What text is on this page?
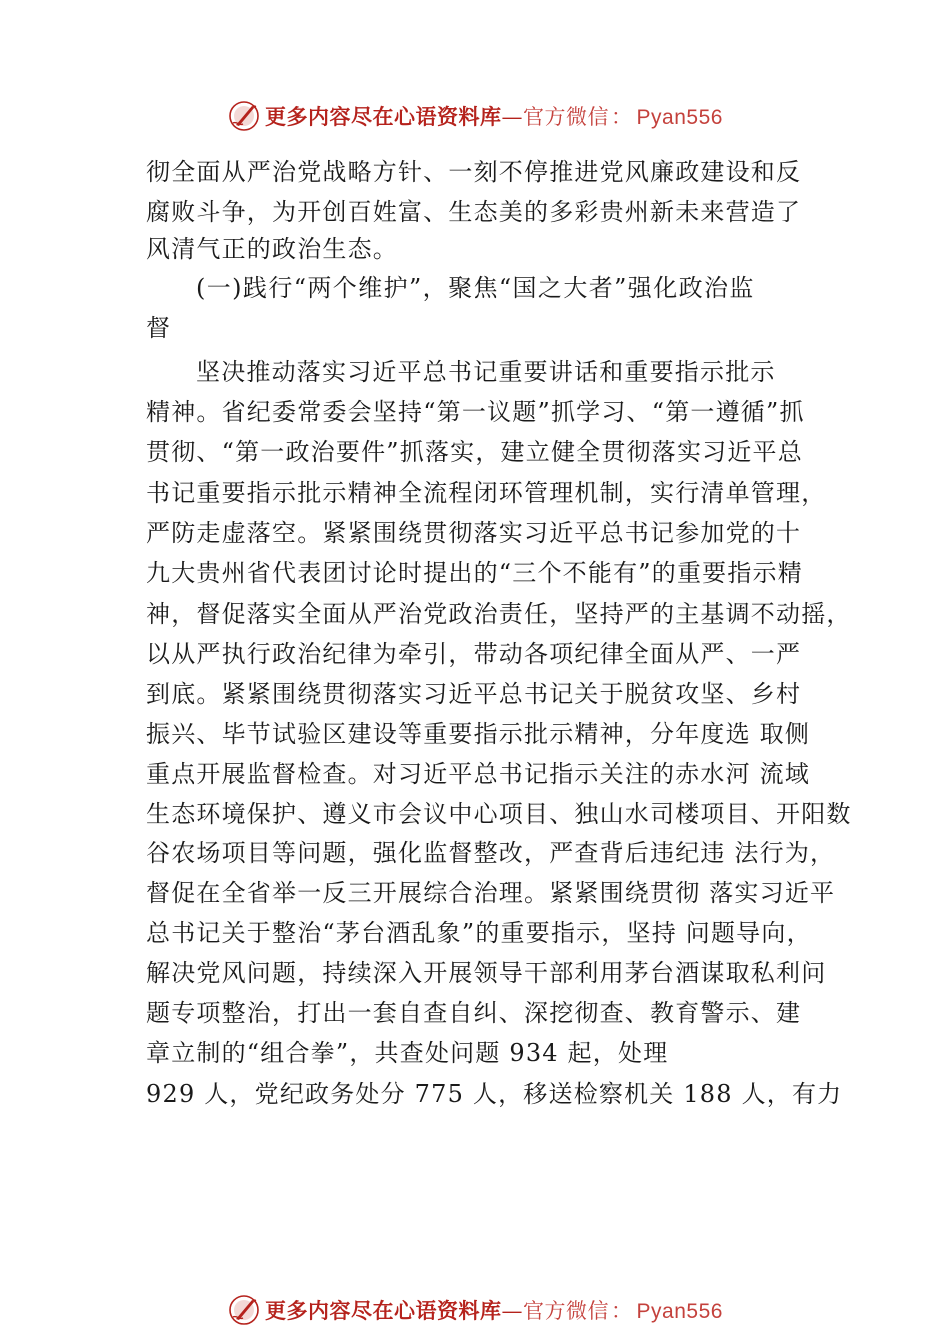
更多内容尽在心语资料库 — 官方微信 ： Pyan556
彻全面从严治党战略方针、一刻不停推进党风廉政建设和反
腐败斗争，为开创百姓富、生态美的多彩贵州新未来营造了
风清气正的政治生态。
(一)践行“两个维护”，聚焦“国之大者”强化政治监
督
坚决推动落实习近平总书记重要讲话和重要指示批示
精神。省纪委常委会坚持“第一议题”抓学习、“第一遵循”抓
贯彻、“第一政治要件”抓落实，建立健全贯彻落实习近平总
书记重要指示批示精神全流程闭环管理机制，实行清单管理，
严防走虚落空。紧紧围绕贯彻落实习近平总书记参加党的十
九大贵州省代表团讨论时提出的“三个不能有”的重要指示精
神，督促落实全面从严治党政治责任，坚持严的主基调不动摇，
以从严执行政治纪律为牵引，带动各项纪律全面从严、一严
到底。紧紧围绕贯彻落实习近平总书记关于脱贫攻坚、乡村
振兴、毕节试验区建设等重要指示批示精神，分年度选 取侧
重点开展监督检查。对习近平总书记指示关注的赤水河 流域
生态环境保护、遵义市会议中心项目、独山水司楼项目、开阳数
谷农场项目等问题，强化监督整改，严查背后违纪违 法行为，
督促在全省举一反三开展综合治理。紧紧围绕贯彻 落实习近平
总书记关于整治“茅台酒乱象”的重要指示，坚持 问题导向，
解决党风问题，持续深入开展领导干部利用茅台酒谋取私利问
题专项整治，打出一套自查自纠、深挖彻查、教育警示、建
章立制的“组合拳”，共查处问题 934 起，处理
929 人，党纪政务处分 775 人，移送检察机关 188 人，有力
更多内容尽在心语资料库 — 官方微信 ： Pyan556
